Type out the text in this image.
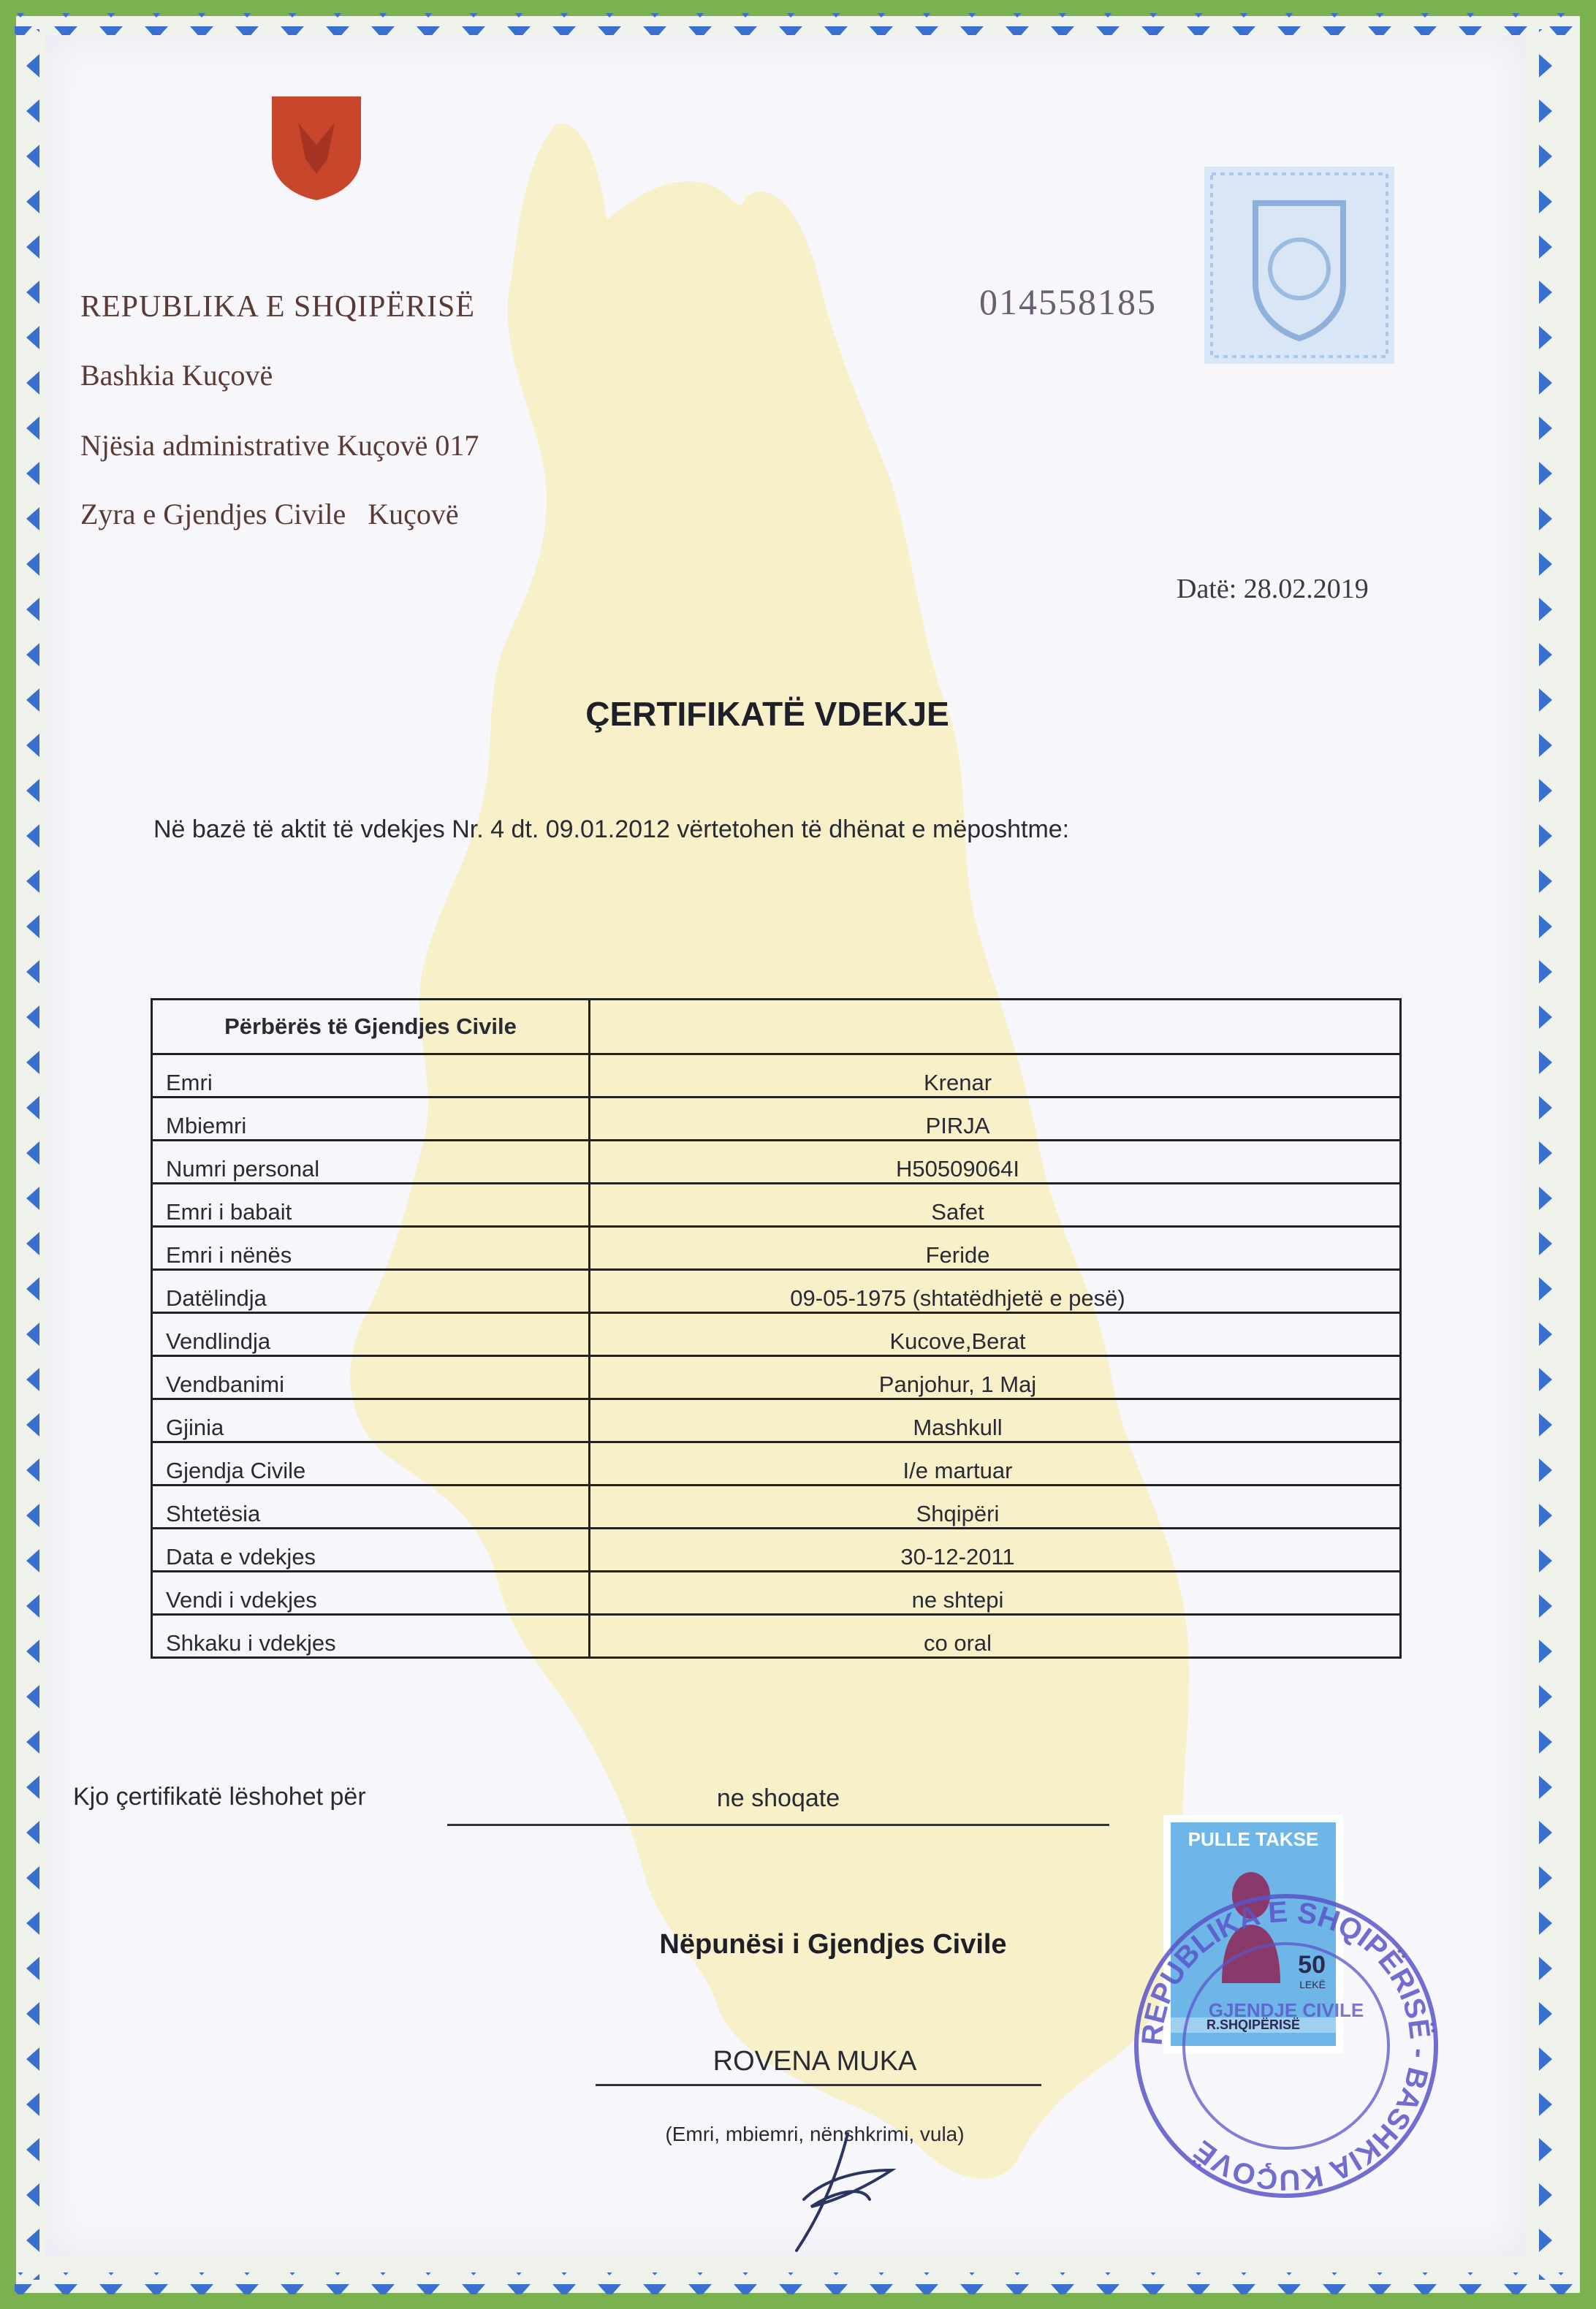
REPUBLIKA E SHQIPËRISË
Bashkia Kuçovë
Njësia administrative Kuçovë 017
Zyra e Gjendjes Civile   Kuçovë
014558185
Datë: 28.02.2019
ÇERTIFIKATË VDEKJE
Në bazë të aktit të vdekjes Nr. 4 dt. 09.01.2012 vërtetohen të dhënat e mëposhtme:
Përbërës të Gjendjes Civile	
Emri	Krenar
Mbiemri	PIRJA
Numri personal	H50509064I
Emri i babait	Safet
Emri i nënës	Feride
Datëlindja	09-05-1975 (shtatëdhjetë e pesë)
Vendlindja	Kucove,Berat
Vendbanimi	Panjohur, 1 Maj
Gjinia	Mashkull
Gjendja Civile	I/e martuar
Shtetësia	Shqipëri
Data e vdekjes	30-12-2011
Vendi i vdekjes	ne shtepi
Shkaku i vdekjes	co oral
Kjo çertifikatë lëshohet për	ne shoqate
Nëpunësi i Gjendjes Civile
ROVENA MUKA
(Emri, mbiemri, nënshkrimi, vula)
PULLE TAKSE
50
LEKË
R.SHQIPËRISË
REPUBLIKA E SHQIPËRISË - BASHKIA KUÇOVË
GJENDJE CIVILE
